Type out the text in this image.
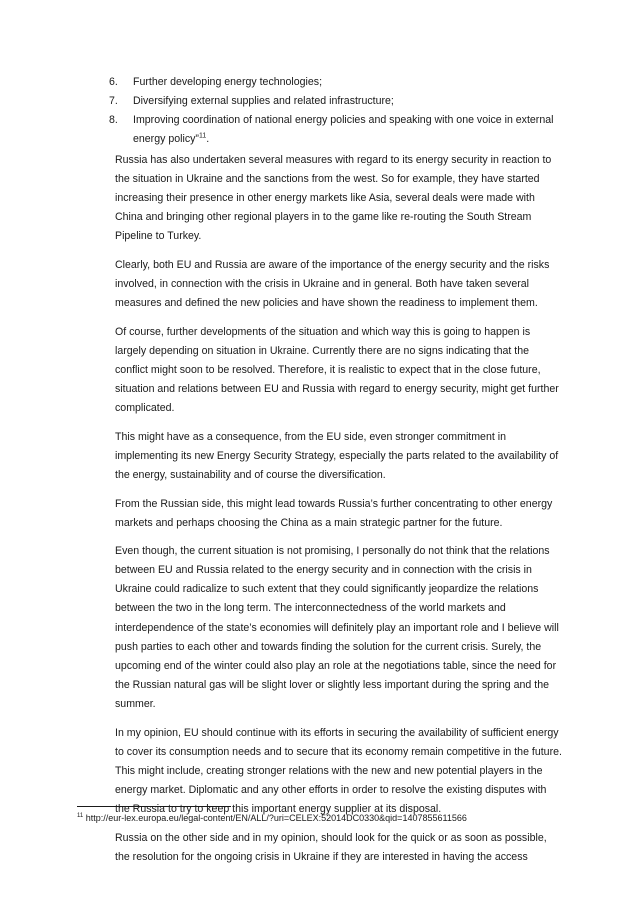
6. Further developing energy technologies;
7. Diversifying external supplies and related infrastructure;
8. Improving coordination of national energy policies and speaking with one voice in external energy policy”$^{11}$.

Russia has also undertaken several measures with regard to its energy security in reaction to the situation in Ukraine and the sanctions from the west. So for example, they have started increasing their presence in other energy markets like Asia, several deals were made with China and bringing other regional players in to the game like re-routing the South Stream Pipeline to Turkey.

Clearly, both EU and Russia are aware of the importance of the energy security and the risks involved, in connection with the crisis in Ukraine and in general. Both have taken several measures and defined the new policies and have shown the readiness to implement them.

Of course, further developments of the situation and which way this is going to happen is largely depending on situation in Ukraine. Currently there are no signs indicating that the conflict might soon to be resolved. Therefore, it is realistic to expect that in the close future, situation and relations between EU and Russia with regard to energy security, might get further complicated.

This might have as a consequence, from the EU side, even stronger commitment in implementing its new Energy Security Strategy, especially the parts related to the availability of the energy, sustainability and of course the diversification.

From the Russian side, this might lead towards Russia’s further concentrating to other energy markets and perhaps choosing the China as a main strategic partner for the future.

Even though, the current situation is not promising, I personally do not think that the relations between EU and Russia related to the energy security and in connection with the crisis in Ukraine could radicalize to such extent that they could significantly jeopardize the relations between the two in the long term. The interconnectedness of the world markets and interdependence of the state’s economies will definitely play an important role and I believe will push parties to each other and towards finding the solution for the current crisis. Surely, the upcoming end of the winter could also play an role at the negotiations table, since the need for the Russian natural gas will be slight lover or slightly less important during the spring and the summer.

In my opinion, EU should continue with its efforts in securing the availability of sufficient energy to cover its consumption needs and to secure that its economy remain competitive in the future. This might include, creating stronger relations with the new and new potential players in the energy market. Diplomatic and any other efforts in order to resolve the existing disputes with the Russia to try to keep this important energy supplier at its disposal.

Russia on the other side and in my opinion, should look for the quick or as soon as possible, the resolution for the ongoing crisis in Ukraine if they are interested in having the access

$^{11}$ http://eur-lex.europa.eu/legal-content/EN/ALL/?uri=CELEX:52014DC0330&qid=1407855611566
